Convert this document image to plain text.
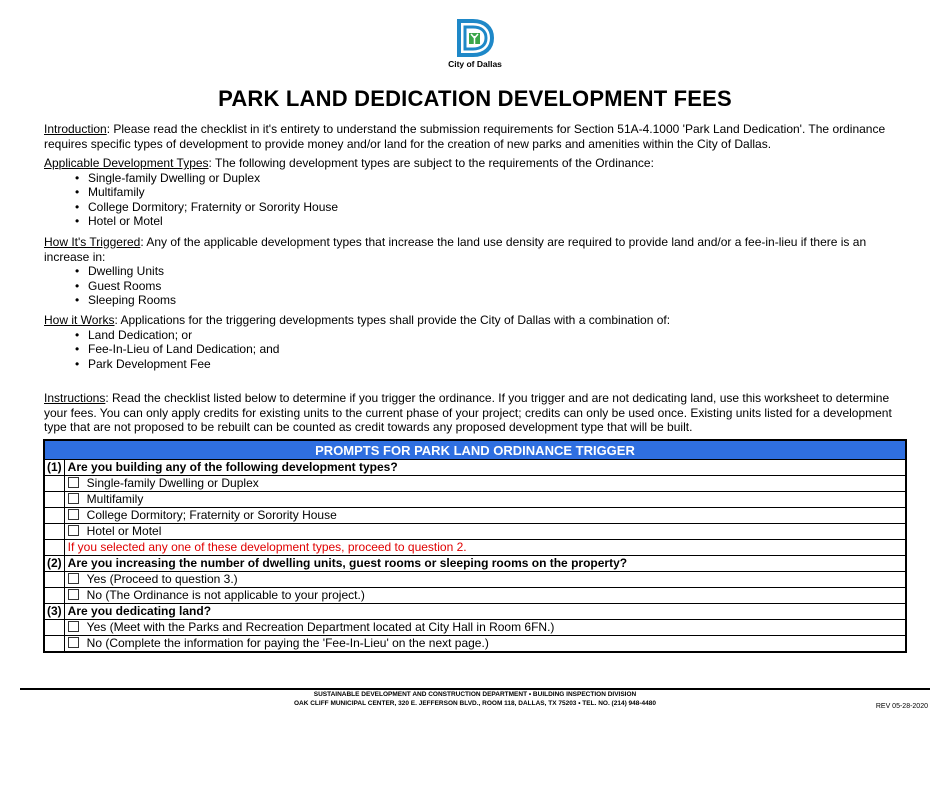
City of Dallas
PARK LAND DEDICATION DEVELOPMENT FEES
Introduction: Please read the checklist in it's entirety to understand the submission requirements for Section 51A-4.1000 'Park Land Dedication'. The ordinance requires specific types of development to provide money and/or land for the creation of new parks and amenities within the City of Dallas.
Applicable Development Types: The following development types are subject to the requirements of the Ordinance:
• Single-family Dwelling or Duplex
• Multifamily
• College Dormitory; Fraternity or Sorority House
• Hotel or Motel
How It's Triggered: Any of the applicable development types that increase the land use density are required to provide land and/or a fee-in-lieu if there is an increase in:
• Dwelling Units
• Guest Rooms
• Sleeping Rooms
How it Works: Applications for the triggering developments types shall provide the City of Dallas with a combination of:
• Land Dedication; or
• Fee-In-Lieu of Land Dedication; and
• Park Development Fee
Instructions: Read the checklist listed below to determine if you trigger the ordinance. If you trigger and are not dedicating land, use this worksheet to determine your fees. You can only apply credits for existing units to the current phase of your project; credits can only be used once. Existing units listed for a development type that are not proposed to be rebuilt can be counted as credit towards any proposed development type that will be built.
PROMPTS FOR PARK LAND ORDINANCE TRIGGER	
(1)	Are you building any of the following development types?
	Single-family Dwelling or Duplex
	Multifamily
	College Dormitory; Fraternity or Sorority House
	Hotel or Motel
	If you selected any one of these development types, proceed to question 2.
(2)	Are you increasing the number of dwelling units, guest rooms or sleeping rooms on the property?
	Yes (Proceed to question 3.)
	No (The Ordinance is not applicable to your project.)
(3)	Are you dedicating land?
	Yes (Meet with the Parks and Recreation Department located at City Hall in Room 6FN.)
	No (Complete the information for paying the 'Fee-In-Lieu' on the next page.)
SUSTAINABLE DEVELOPMENT AND CONSTRUCTION DEPARTMENT • BUILDING INSPECTION DIVISION
OAK CLIFF MUNICIPAL CENTER, 320 E. JEFFERSON BLVD., ROOM 118, DALLAS, TX 75203 • TEL. NO. (214) 948-4480	REV 05-28-2020
